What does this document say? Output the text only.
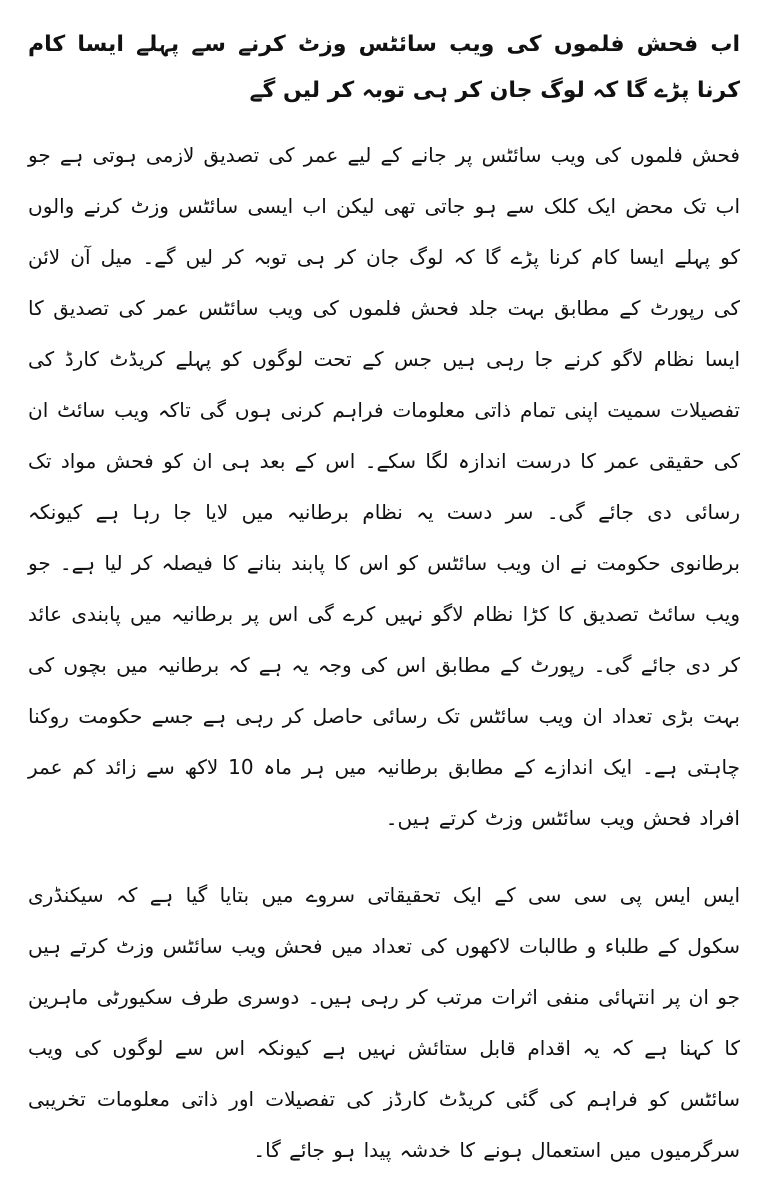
اب فحش فلموں کی ویب سائٹس وزٹ کرنے سے پہلے ایسا کام کرنا پڑے گا کہ لوگ جان کر ہی توبہ کر لیں گے

فحش فلموں کی ویب سائٹس پر جانے کے لیے عمر کی تصدیق لازمی ہوتی ہے جو اب تک محض ایک کلک سے ہو جاتی تھی لیکن اب ایسی سائٹس وزٹ کرنے والوں کو پہلے ایسا کام کرنا پڑے گا کہ لوگ جان کر ہی توبہ کر لیں گے۔ میل آن لائن کی رپورٹ کے مطابق بہت جلد فحش فلموں کی ویب سائٹس عمر کی تصدیق کا ایسا نظام لاگو کرنے جا رہی ہیں جس کے تحت لوگوں کو پہلے کریڈٹ کارڈ کی تفصیلات سمیت اپنی تمام ذاتی معلومات فراہم کرنی ہوں گی تاکہ ویب سائٹ ان کی حقیقی عمر کا درست اندازہ لگا سکے۔ اس کے بعد ہی ان کو فحش مواد تک رسائی دی جائے گی۔ سر دست یہ نظام برطانیہ میں لایا جا رہا ہے کیونکہ برطانوی حکومت نے ان ویب سائٹس کو اس کا پابند بنانے کا فیصلہ کر لیا ہے۔ جو ویب سائٹ تصدیق کا کڑا نظام لاگو نہیں کرے گی اس پر برطانیہ میں پابندی عائد کر دی جائے گی۔ رپورٹ کے مطابق اس کی وجہ یہ ہے کہ برطانیہ میں بچوں کی بہت بڑی تعداد ان ویب سائٹس تک رسائی حاصل کر رہی ہے جسے حکومت روکنا چاہتی ہے۔ ایک اندازے کے مطابق برطانیہ میں ہر ماہ 10 لاکھ سے زائد کم عمر افراد فحش ویب سائٹس وزٹ کرتے ہیں۔

ایس ایس پی سی سی کے ایک تحقیقاتی سروے میں بتایا گیا ہے کہ سیکنڈری سکول کے طلباء و طالبات لاکھوں کی تعداد میں فحش ویب سائٹس وزٹ کرتے ہیں جو ان پر انتہائی منفی اثرات مرتب کر رہی ہیں۔ دوسری طرف سکیورٹی ماہرین کا کہنا ہے کہ یہ اقدام قابل ستائش نہیں ہے کیونکہ اس سے لوگوں کی ویب سائٹس کو فراہم کی گئی کریڈٹ کارڈز کی تفصیلات اور ذاتی معلومات تخریبی سرگرمیوں میں استعمال ہونے کا خدشہ پیدا ہو جائے گا۔
